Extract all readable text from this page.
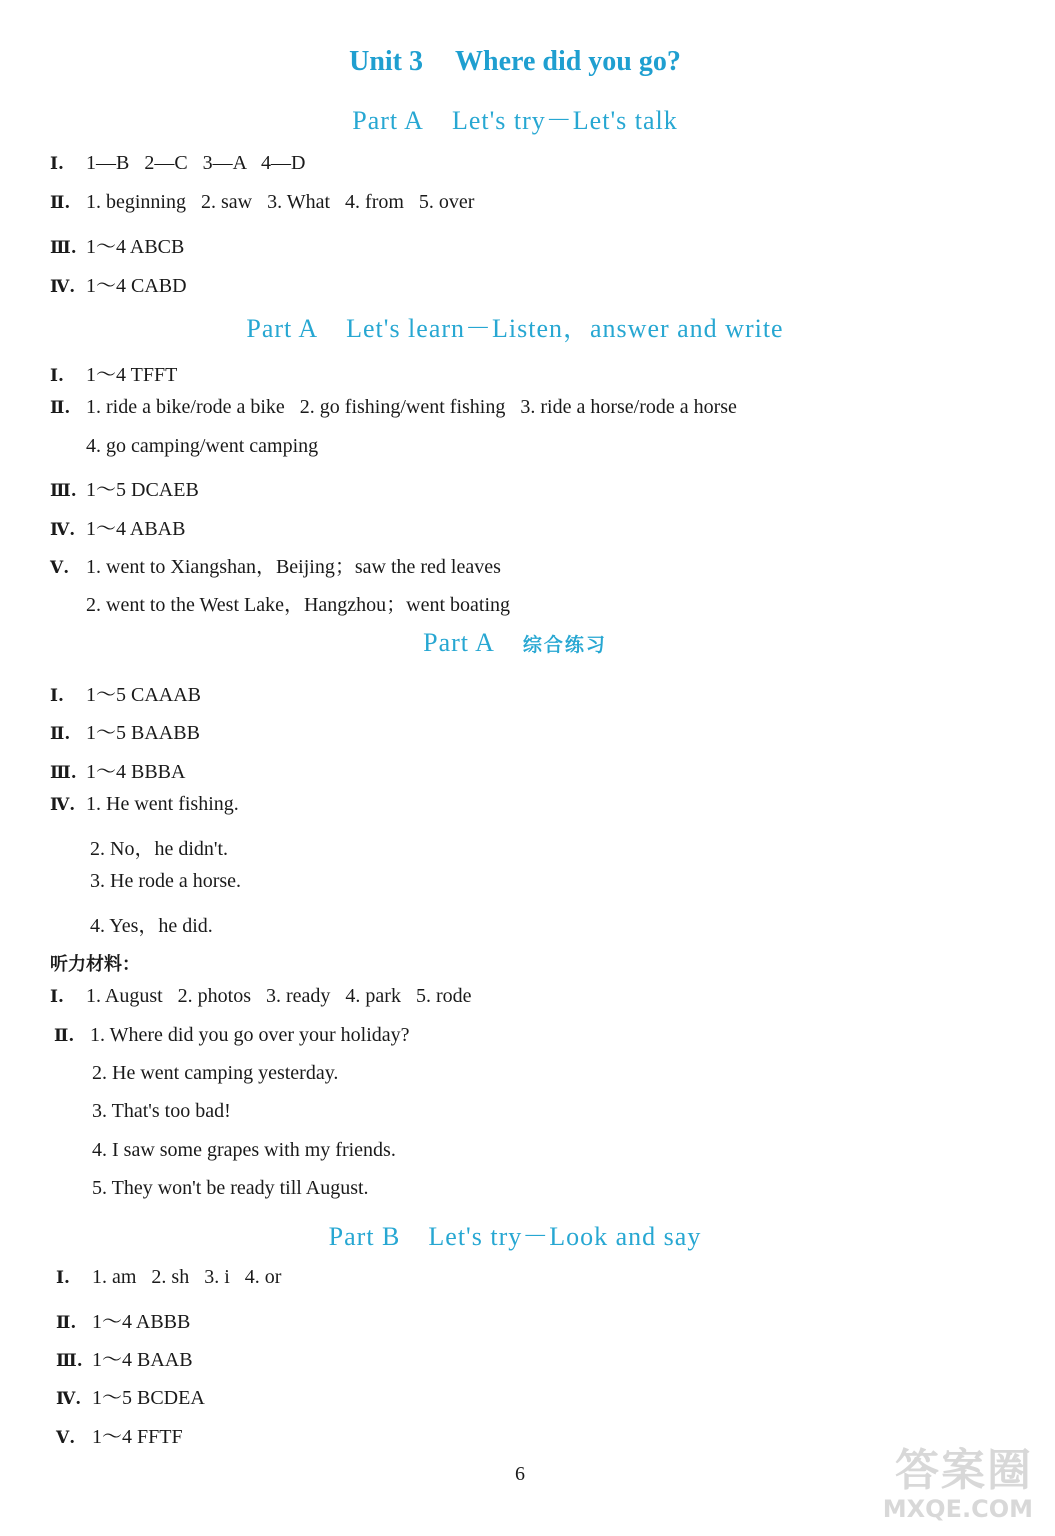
Unit 3 Where did you go?
Part A Let's try－Let's talk
Ⅰ. 1—B   2—C   3—A   4—D
Ⅱ. 1. beginning   2. saw   3. What   4. from   5. over
Ⅲ. 1～4 ABCB
Ⅳ. 1～4 CABD
Part A Let's learn－Listen，answer and write
Ⅰ. 1～4 TFFT
Ⅱ. 1. ride a bike/rode a bike   2. go fishing/went fishing   3. ride a horse/rode a horse
4. go camping/went camping
Ⅲ. 1～5 DCAEB
Ⅳ. 1～4 ABAB
Ⅴ. 1. went to Xiangshan，Beijing；saw the red leaves
2. went to the West Lake，Hangzhou；went boating
Part A 综合练习
Ⅰ. 1～5 CAAAB
Ⅱ. 1～5 BAABB
Ⅲ. 1～4 BBBA
Ⅳ. 1. He went fishing.
2. No，he didn't.
3. He rode a horse.
4. Yes，he did.
听力材料：
Ⅰ. 1. August   2. photos   3. ready   4. park   5. rode
Ⅱ. 1. Where did you go over your holiday?
2. He went camping yesterday.
3. That's too bad!
4. I saw some grapes with my friends.
5. They won't be ready till August.
Part B Let's try－Look and say
Ⅰ. 1. am   2. sh   3. i   4. or
Ⅱ. 1～4 ABBB
Ⅲ. 1～4 BAAB
Ⅳ. 1～5 BCDEA
Ⅴ. 1～4 FFTF
6	答案圈
MXQE.COM
